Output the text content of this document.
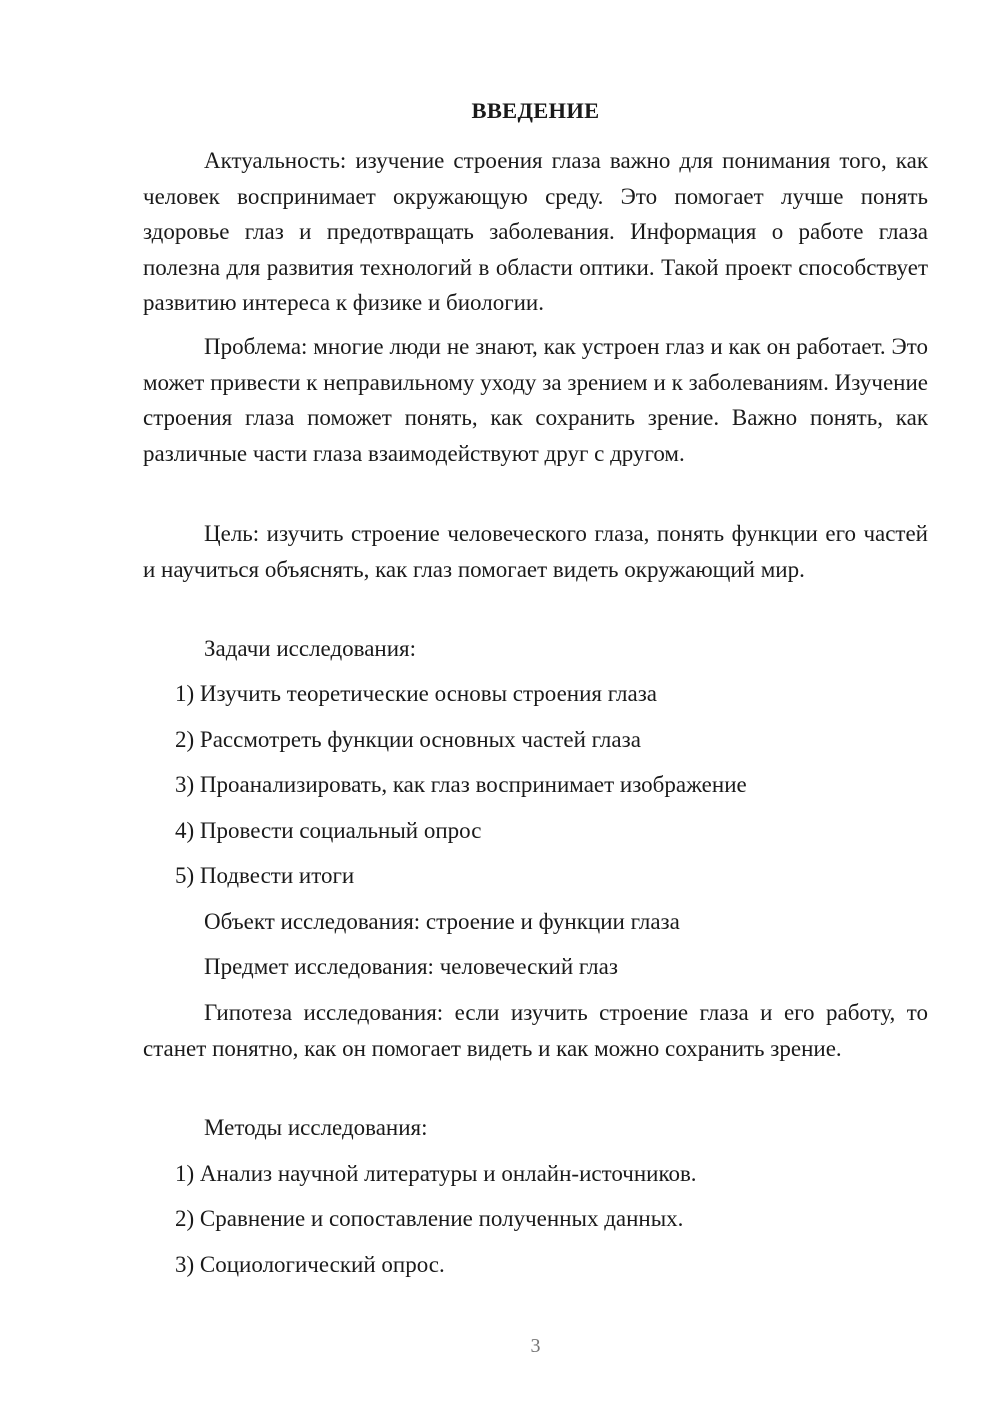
ВВЕДЕНИЕ

Актуальность: изучение строения глаза важно для понимания того, как человек воспринимает окружающую среду. Это помогает лучше понять здоровье глаз и предотвращать заболевания. Информация о работе глаза полезна для развития технологий в области оптики. Такой проект способствует развитию интереса к физике и биологии.

Проблема: многие люди не знают, как устроен глаз и как он работает. Это может привести к неправильному уходу за зрением и к заболеваниям. Изучение строения глаза поможет понять, как сохранить зрение. Важно понять, как различные части глаза взаимодействуют друг с другом.

Цель: изучить строение человеческого глаза, понять функции его частей и научиться объяснять, как глаз помогает видеть окружающий мир.

Задачи исследования:

1) Изучить теоретические основы строения глаза

2) Рассмотреть функции основных частей глаза

3) Проанализировать, как глаз воспринимает изображение

4) Провести социальный опрос

5) Подвести итоги

Объект исследования: строение и функции глаза

Предмет исследования: человеческий глаз

Гипотеза исследования: если изучить строение глаза и его работу, то станет понятно, как он помогает видеть и как можно сохранить зрение.

Методы исследования:

1) Анализ научной литературы и онлайн-источников.

2) Сравнение и сопоставление полученных данных.

3) Социологический опрос.

3
